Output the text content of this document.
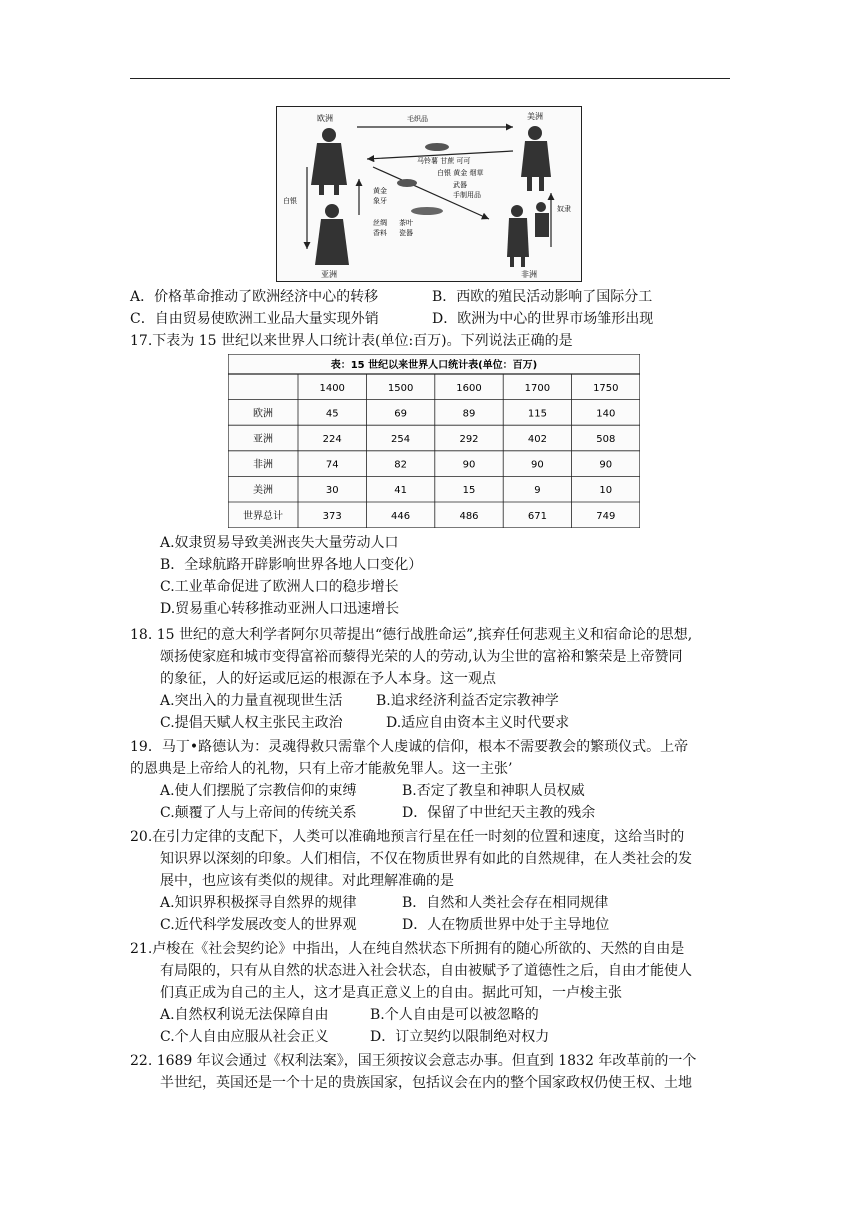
欧洲	美洲
亚洲	非洲
毛织品
马铃薯 甘蔗 可可
白银 黄金 烟草
武器
手制用品
白银
黄金
象牙
丝绸
香料
茶叶
瓷器
奴隶
A．价格革命推动了欧洲经济中心的转移	B．西欧的殖民活动影响了国际分工
C．自由贸易使欧洲工业品大量实现外销	D．欧洲为中心的世界市场雏形出现
17.下表为 15 世纪以来世界人口统计表(单位:百万)。下列说法正确的是
表：15 世纪以来世界人口统计表(单位：百万)
1400	1500	1600	1700	1750
欧洲	45	69	89	115	140
亚洲	224	254	292	402	508
非洲	74	82	90	90	90
美洲	30	41	15	9	10
世界总计	373	446	486	671	749
A.奴隶贸易导致美洲丧失大量劳动人口
B．全球航路开辟影响世界各地人口变化）
C.工业革命促进了欧洲人口的稳步增长
D.贸易重心转移推动亚洲人口迅速增长
18. 15 世纪的意大利学者阿尔贝蒂提出“德行战胜命运”,摈弃任何悲观主义和宿命论的思想,
颂扬使家庭和城市变得富裕而藜得光荣的人的劳动,认为尘世的富裕和繁荣是上帝赞同
的象征，人的好运或厄运的根源在予人本身。这一观点
A.突出入的力量直视现世生活 B.追求经济利益否定宗教神学
C.提倡天赋人权主张民主政治	D.适应自由资本主义时代要求
19．马丁•路德认为：灵魂得救只需靠个人虔诚的信仰，根本不需要教会的繁琐仪式。上帝
的恩典是上帝给人的礼物，只有上帝才能赦免罪人。这一主张’
A.使人们摆脱了宗教信仰的束缚	B.否定了教皇和神职人员权威
C.颠覆了人与上帝间的传统关系	D．保留了中世纪天主教的残余
20.在引力定律的支配下，人类可以准确地预言行星在任一时刻的位置和速度，这给当时的
知识界以深刻的印象。人们相信，不仅在物质世界有如此的自然规律，在人类社会的发
展中，也应该有类似的规律。对此理解准确的是
A.知识界积极探寻自然界的规律	B．自然和人类社会存在相同规律
C.近代科学发展改变人的世界观	D．人在物质世界中处于主导地位
21.卢梭在《社会契约论》中指出，人在纯自然状态下所拥有的随心所欲的、天然的自由是
有局限的，只有从自然的状态进入社会状态，自由被赋予了道德性之后，自由才能使人
们真正成为自己的主人，这才是真正意义上的自由。据此可知，一卢梭主张
A.自然权利说无法保障自由	B.个人自由是可以被忽略的
C.个人自由应服从社会正义	D．订立契约以限制绝对权力
22. 1689 年议会通过《权利法案》，国王须按议会意志办事。但直到 1832 年改革前的一个
半世纪，英国还是一个十足的贵族国家，包括议会在内的整个国家政权仍使王权、土地
